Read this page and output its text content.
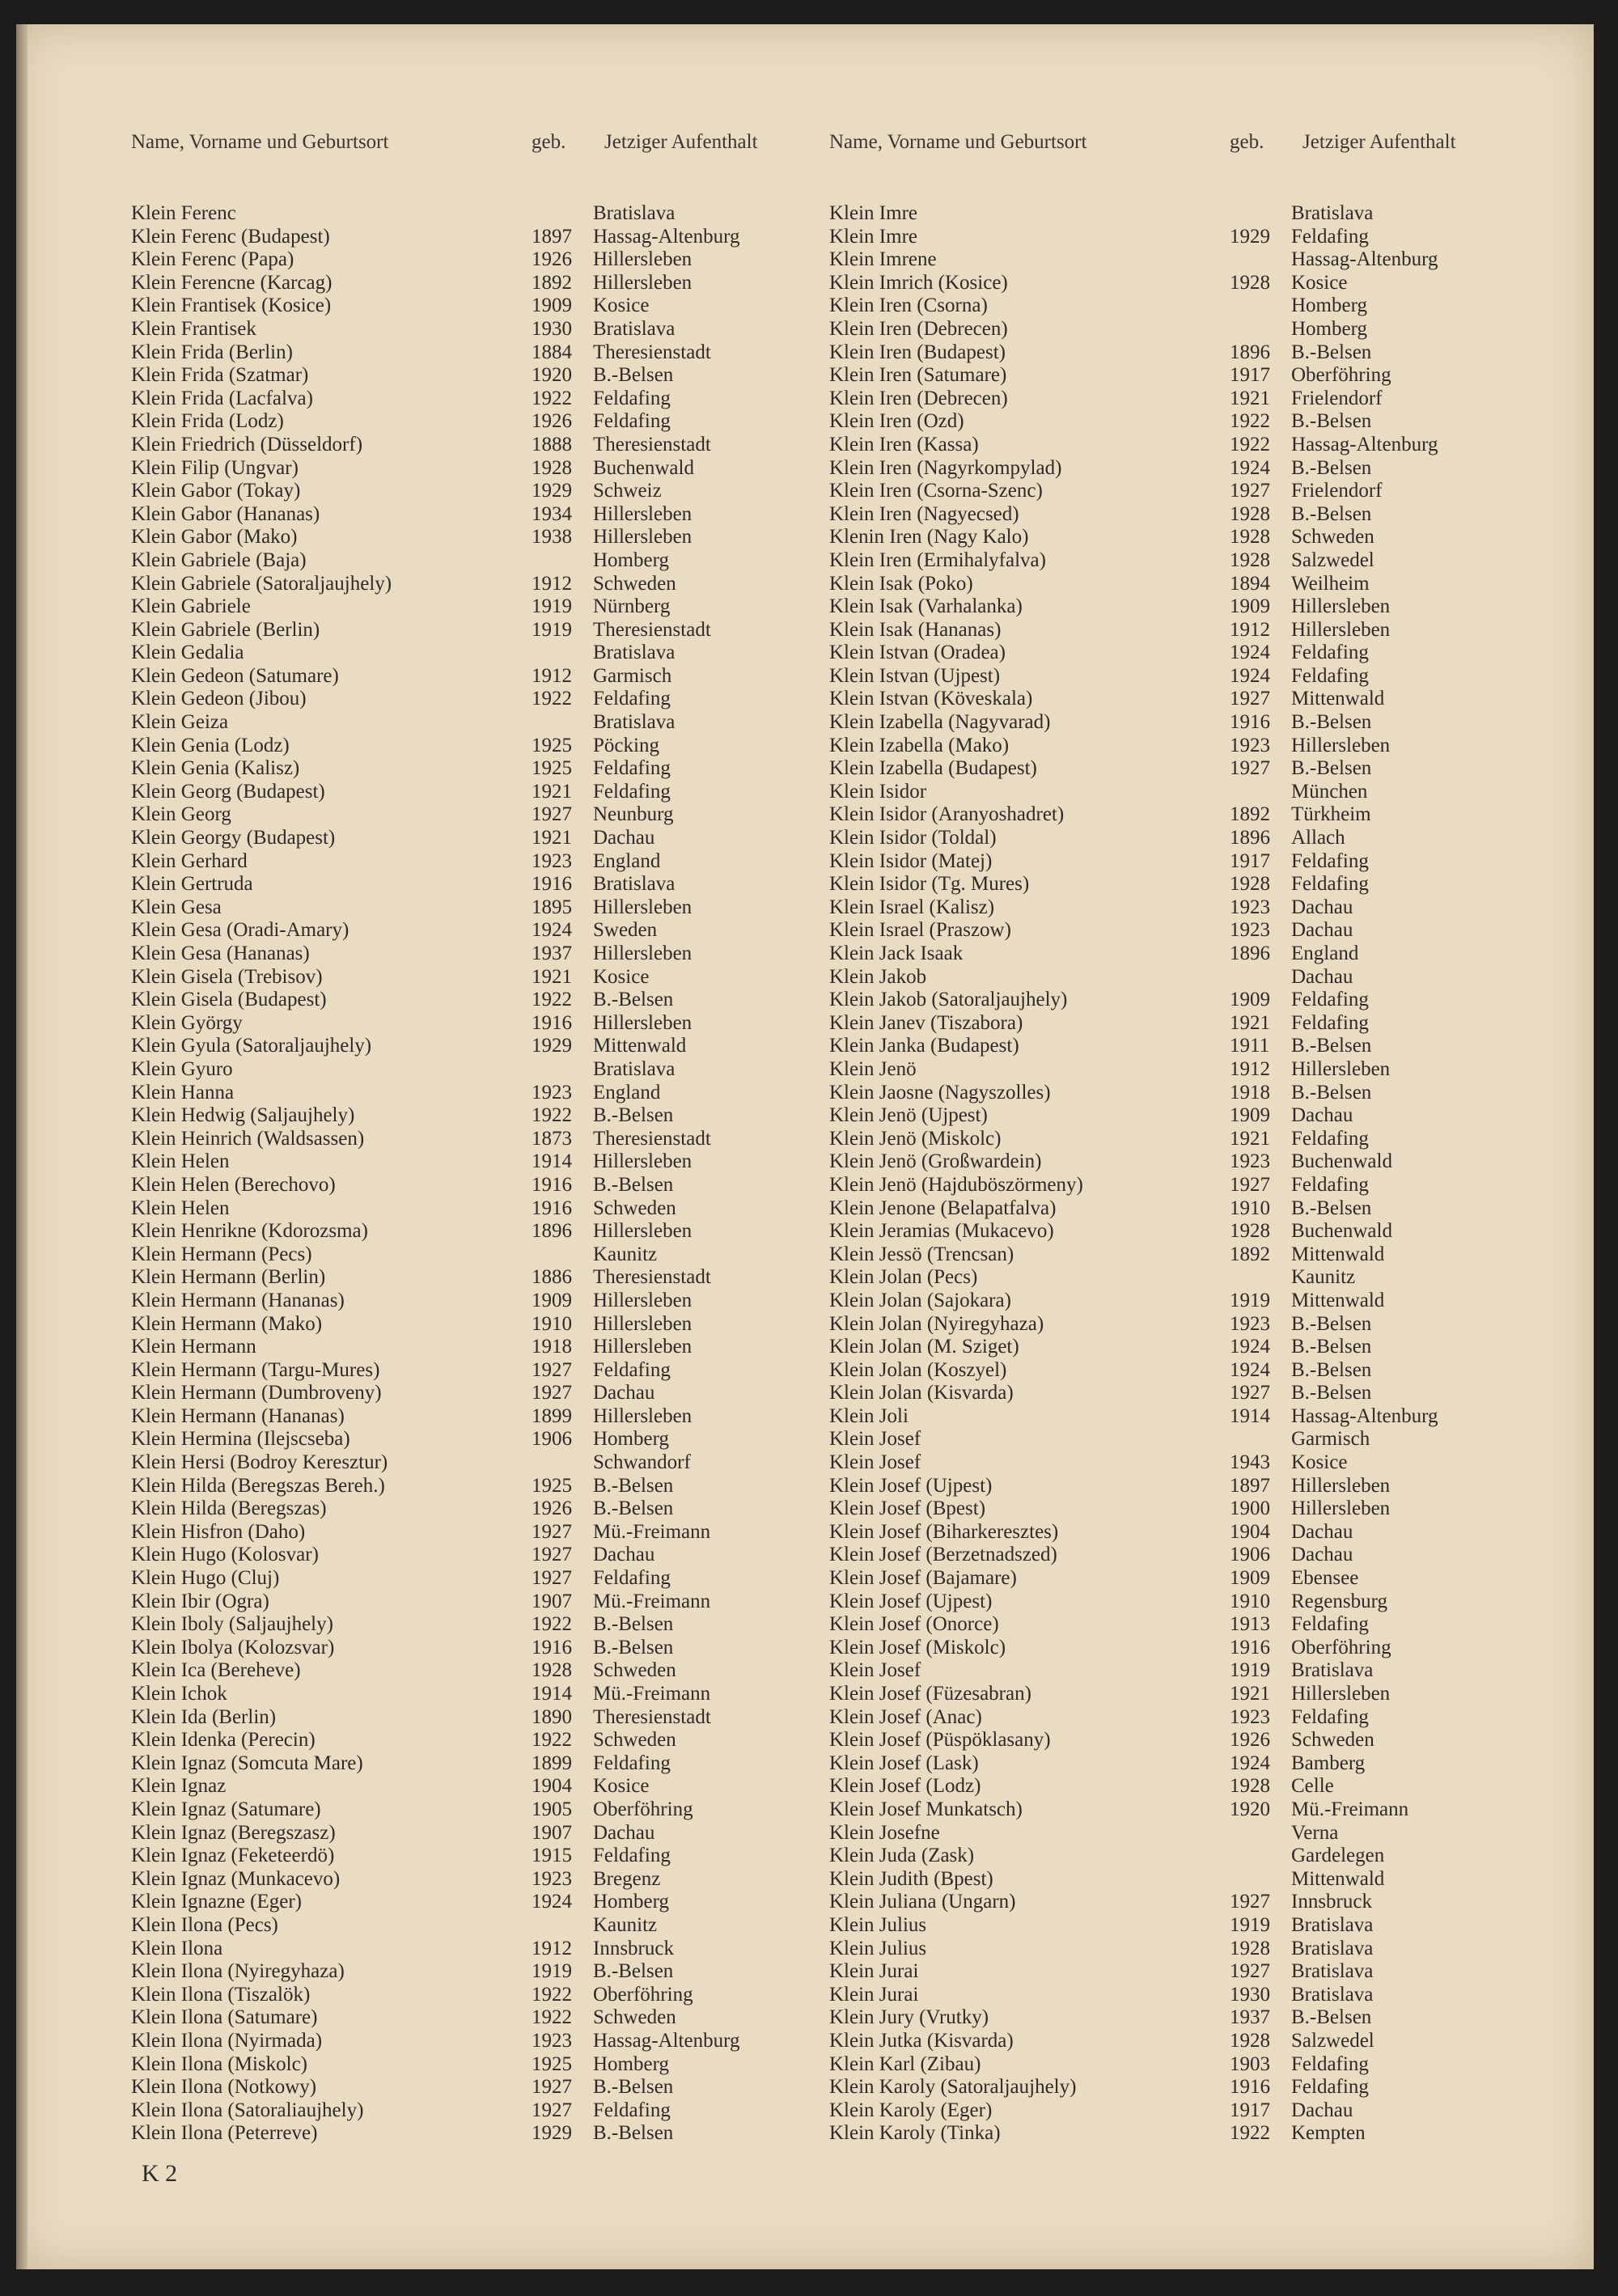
Name, Vorname und Geburtsort	geb.	Jetziger Aufenthalt
Klein Ferenc	Bratislava
Klein Ferenc (Budapest)	1897	Hassag-Altenburg
Klein Ferenc (Papa)	1926	Hillersleben
Klein Ferencne (Karcag)	1892	Hillersleben
Klein Frantisek (Kosice)	1909	Kosice
Klein Frantisek	1930	Bratislava
Klein Frida (Berlin)	1884	Theresienstadt
Klein Frida (Szatmar)	1920	B.-Belsen
Klein Frida (Lacfalva)	1922	Feldafing
Klein Frida (Lodz)	1926	Feldafing
Klein Friedrich (Düsseldorf)	1888	Theresienstadt
Klein Filip (Ungvar)	1928	Buchenwald
Klein Gabor (Tokay)	1929	Schweiz
Klein Gabor (Hananas)	1934	Hillersleben
Klein Gabor (Mako)	1938	Hillersleben
Klein Gabriele (Baja)	Homberg
Klein Gabriele (Satoraljaujhely)	1912	Schweden
Klein Gabriele	1919	Nürnberg
Klein Gabriele (Berlin)	1919	Theresienstadt
Klein Gedalia	Bratislava
Klein Gedeon (Satumare)	1912	Garmisch
Klein Gedeon (Jibou)	1922	Feldafing
Klein Geiza	Bratislava
Klein Genia (Lodz)	1925	Pöcking
Klein Genia (Kalisz)	1925	Feldafing
Klein Georg (Budapest)	1921	Feldafing
Klein Georg	1927	Neunburg
Klein Georgy (Budapest)	1921	Dachau
Klein Gerhard	1923	England
Klein Gertruda	1916	Bratislava
Klein Gesa	1895	Hillersleben
Klein Gesa (Oradi-Amary)	1924	Sweden
Klein Gesa (Hananas)	1937	Hillersleben
Klein Gisela (Trebisov)	1921	Kosice
Klein Gisela (Budapest)	1922	B.-Belsen
Klein György	1916	Hillersleben
Klein Gyula (Satoraljaujhely)	1929	Mittenwald
Klein Gyuro	Bratislava
Klein Hanna	1923	England
Klein Hedwig (Saljaujhely)	1922	B.-Belsen
Klein Heinrich (Waldsassen)	1873	Theresienstadt
Klein Helen	1914	Hillersleben
Klein Helen (Berechovo)	1916	B.-Belsen
Klein Helen	1916	Schweden
Klein Henrikne (Kdorozsma)	1896	Hillersleben
Klein Hermann (Pecs)	Kaunitz
Klein Hermann (Berlin)	1886	Theresienstadt
Klein Hermann (Hananas)	1909	Hillersleben
Klein Hermann (Mako)	1910	Hillersleben
Klein Hermann	1918	Hillersleben
Klein Hermann (Targu-Mures)	1927	Feldafing
Klein Hermann (Dumbroveny)	1927	Dachau
Klein Hermann (Hananas)	1899	Hillersleben
Klein Hermina (Ilejscseba)	1906	Homberg
Klein Hersi (Bodroy Keresztur)	Schwandorf
Klein Hilda (Beregszas Bereh.)	1925	B.-Belsen
Klein Hilda (Beregszas)	1926	B.-Belsen
Klein Hisfron (Daho)	1927	Mü.-Freimann
Klein Hugo (Kolosvar)	1927	Dachau
Klein Hugo (Cluj)	1927	Feldafing
Klein Ibir (Ogra)	1907	Mü.-Freimann
Klein Iboly (Saljaujhely)	1922	B.-Belsen
Klein Ibolya (Kolozsvar)	1916	B.-Belsen
Klein Ica (Bereheve)	1928	Schweden
Klein Ichok	1914	Mü.-Freimann
Klein Ida (Berlin)	1890	Theresienstadt
Klein Idenka (Perecin)	1922	Schweden
Klein Ignaz (Somcuta Mare)	1899	Feldafing
Klein Ignaz	1904	Kosice
Klein Ignaz (Satumare)	1905	Oberföhring
Klein Ignaz (Beregszasz)	1907	Dachau
Klein Ignaz (Feketeerdö)	1915	Feldafing
Klein Ignaz (Munkacevo)	1923	Bregenz
Klein Ignazne (Eger)	1924	Homberg
Klein Ilona (Pecs)	Kaunitz
Klein Ilona	1912	Innsbruck
Klein Ilona (Nyiregyhaza)	1919	B.-Belsen
Klein Ilona (Tiszalök)	1922	Oberföhring
Klein Ilona (Satumare)	1922	Schweden
Klein Ilona (Nyirmada)	1923	Hassag-Altenburg
Klein Ilona (Miskolc)	1925	Homberg
Klein Ilona (Notkowy)	1927	B.-Belsen
Klein Ilona (Satoraliaujhely)	1927	Feldafing
Klein Ilona (Peterreve)	1929	B.-Belsen
Name, Vorname und Geburtsort	geb.	Jetziger Aufenthalt
Klein Imre	Bratislava
Klein Imre	1929	Feldafing
Klein Imrene	Hassag-Altenburg
Klein Imrich (Kosice)	1928	Kosice
Klein Iren (Csorna)	Homberg
Klein Iren (Debrecen)	Homberg
Klein Iren (Budapest)	1896	B.-Belsen
Klein Iren (Satumare)	1917	Oberföhring
Klein Iren (Debrecen)	1921	Frielendorf
Klein Iren (Ozd)	1922	B.-Belsen
Klein Iren (Kassa)	1922	Hassag-Altenburg
Klein Iren (Nagyrkompylad)	1924	B.-Belsen
Klein Iren (Csorna-Szenc)	1927	Frielendorf
Klein Iren (Nagyecsed)	1928	B.-Belsen
Klenin Iren (Nagy Kalo)	1928	Schweden
Klein Iren (Ermihalyfalva)	1928	Salzwedel
Klein Isak (Poko)	1894	Weilheim
Klein Isak (Varhalanka)	1909	Hillersleben
Klein Isak (Hananas)	1912	Hillersleben
Klein Istvan (Oradea)	1924	Feldafing
Klein Istvan (Ujpest)	1924	Feldafing
Klein Istvan (Köveskala)	1927	Mittenwald
Klein Izabella (Nagyvarad)	1916	B.-Belsen
Klein Izabella (Mako)	1923	Hillersleben
Klein Izabella (Budapest)	1927	B.-Belsen
Klein Isidor	München
Klein Isidor (Aranyoshadret)	1892	Türkheim
Klein Isidor (Toldal)	1896	Allach
Klein Isidor (Matej)	1917	Feldafing
Klein Isidor (Tg. Mures)	1928	Feldafing
Klein Israel (Kalisz)	1923	Dachau
Klein Israel (Praszow)	1923	Dachau
Klein Jack Isaak	1896	England
Klein Jakob	Dachau
Klein Jakob (Satoraljaujhely)	1909	Feldafing
Klein Janev (Tiszabora)	1921	Feldafing
Klein Janka (Budapest)	1911	B.-Belsen
Klein Jenö	1912	Hillersleben
Klein Jaosne (Nagyszolles)	1918	B.-Belsen
Klein Jenö (Ujpest)	1909	Dachau
Klein Jenö (Miskolc)	1921	Feldafing
Klein Jenö (Großwardein)	1923	Buchenwald
Klein Jenö (Hajduböszörmeny)	1927	Feldafing
Klein Jenone (Belapatfalva)	1910	B.-Belsen
Klein Jeramias (Mukacevo)	1928	Buchenwald
Klein Jessö (Trencsan)	1892	Mittenwald
Klein Jolan (Pecs)	Kaunitz
Klein Jolan (Sajokara)	1919	Mittenwald
Klein Jolan (Nyiregyhaza)	1923	B.-Belsen
Klein Jolan (M. Sziget)	1924	B.-Belsen
Klein Jolan (Koszyel)	1924	B.-Belsen
Klein Jolan (Kisvarda)	1927	B.-Belsen
Klein Joli	1914	Hassag-Altenburg
Klein Josef	Garmisch
Klein Josef	1943	Kosice
Klein Josef (Ujpest)	1897	Hillersleben
Klein Josef (Bpest)	1900	Hillersleben
Klein Josef (Biharkeresztes)	1904	Dachau
Klein Josef (Berzetnadszed)	1906	Dachau
Klein Josef (Bajamare)	1909	Ebensee
Klein Josef (Ujpest)	1910	Regensburg
Klein Josef (Onorce)	1913	Feldafing
Klein Josef (Miskolc)	1916	Oberföhring
Klein Josef	1919	Bratislava
Klein Josef (Füzesabran)	1921	Hillersleben
Klein Josef (Anac)	1923	Feldafing
Klein Josef (Püspöklasany)	1926	Schweden
Klein Josef (Lask)	1924	Bamberg
Klein Josef (Lodz)	1928	Celle
Klein Josef Munkatsch)	1920	Mü.-Freimann
Klein Josefne	Verna
Klein Juda (Zask)	Gardelegen
Klein Judith (Bpest)	Mittenwald
Klein Juliana (Ungarn)	1927	Innsbruck
Klein Julius	1919	Bratislava
Klein Julius	1928	Bratislava
Klein Jurai	1927	Bratislava
Klein Jurai	1930	Bratislava
Klein Jury (Vrutky)	1937	B.-Belsen
Klein Jutka (Kisvarda)	1928	Salzwedel
Klein Karl (Zibau)	1903	Feldafing
Klein Karoly (Satoraljaujhely)	1916	Feldafing
Klein Karoly (Eger)	1917	Dachau
Klein Karoly (Tinka)	1922	Kempten
K 2
